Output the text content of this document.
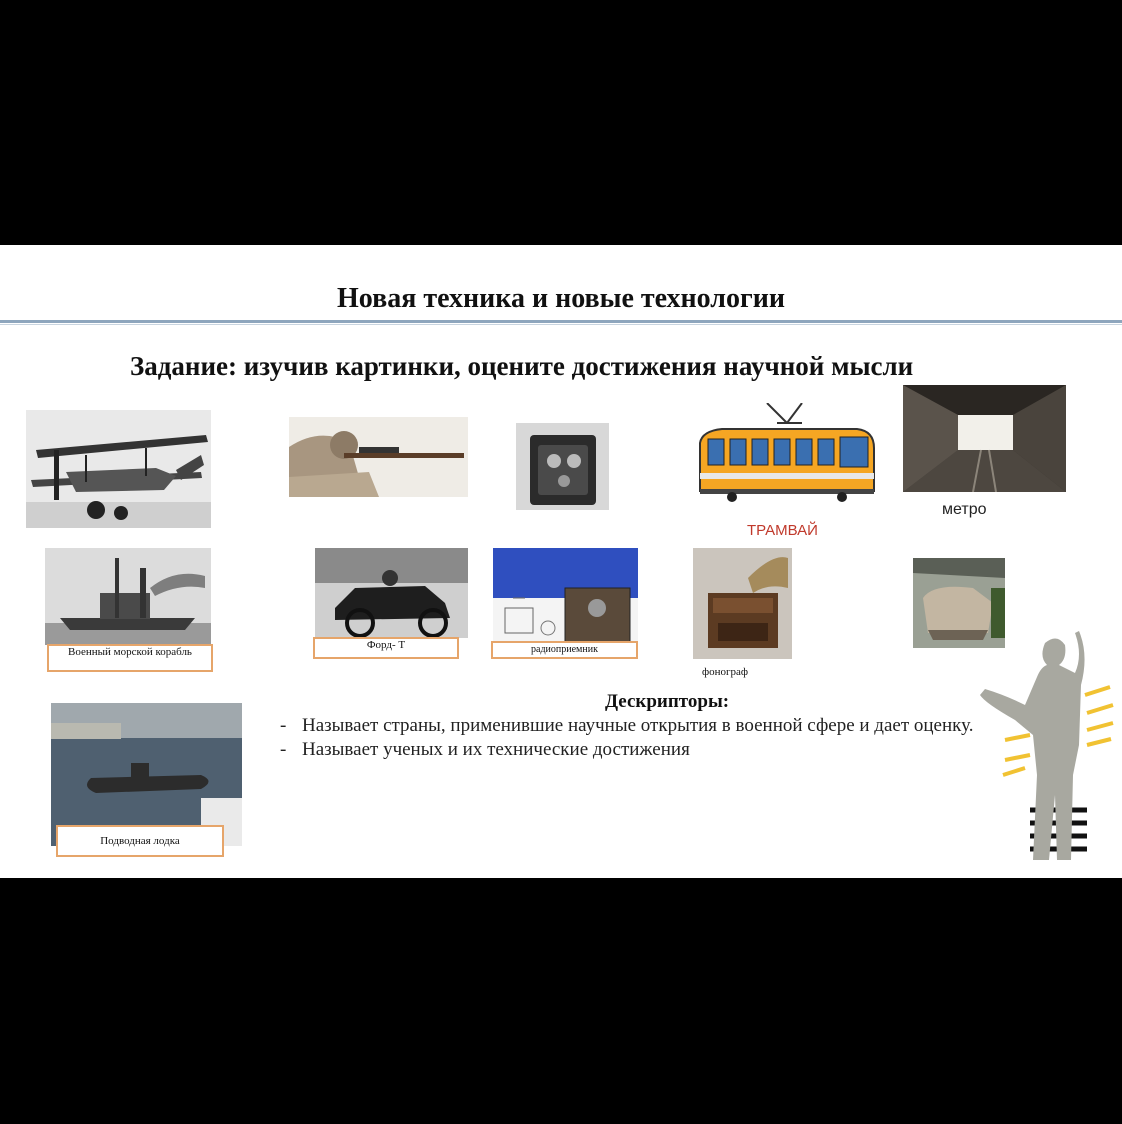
Новая техника и новые технологии
Задание: изучив картинки, оцените достижения научной мысли
ТРАМВАЙ
метро
Военный морской корабль
Форд- Т	радиоприемник
фонограф
Подводная лодка
Дескрипторы:
- Называет страны, применившие научные открытия в военной сфере и дает оценку.
- Называет ученых и их технические достижения
